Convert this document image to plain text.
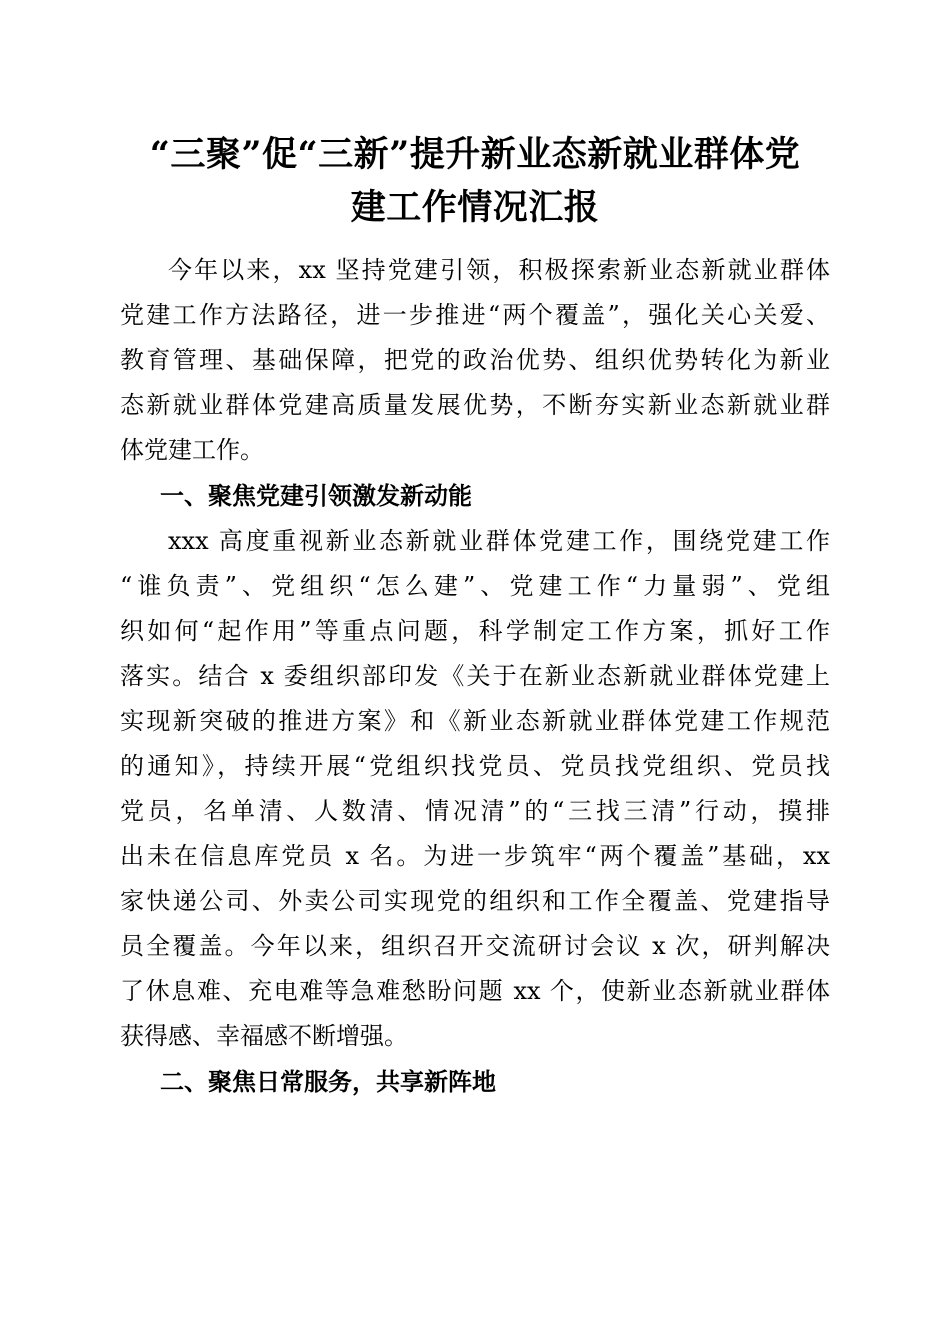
“三聚”促“三新”提升新业态新就业群体党
建工作情况汇报
今年以来，xx 坚持党建引领，积极探索新业态新就业群体
党建工作方法路径，进一步推进“两个覆盖”，强化关心关爱、
教育管理、基础保障，把党的政治优势、组织优势转化为新业
态新就业群体党建高质量发展优势，不断夯实新业态新就业群
体党建工作。
一、聚焦党建引领激发新动能
xxx 高度重视新业态新就业群体党建工作，围绕党建工作
“谁负责”、党组织“怎么建”、党建工作“力量弱”、党组
织如何“起作用”等重点问题，科学制定工作方案，抓好工作
落实。结合 x 委组织部印发《关于在新业态新就业群体党建上
实现新突破的推进方案》和《新业态新就业群体党建工作规范
的通知》，持续开展“党组织找党员、党员找党组织、党员找
党员，名单清、人数清、情况清”的“三找三清”行动，摸排
出未在信息库党员 x 名。为进一步筑牢“两个覆盖”基础，xx
家快递公司、外卖公司实现党的组织和工作全覆盖、党建指导
员全覆盖。今年以来，组织召开交流研讨会议 x 次，研判解决
了休息难、充电难等急难愁盼问题 xx 个，使新业态新就业群体
获得感、幸福感不断增强。
二、聚焦日常服务，共享新阵地
